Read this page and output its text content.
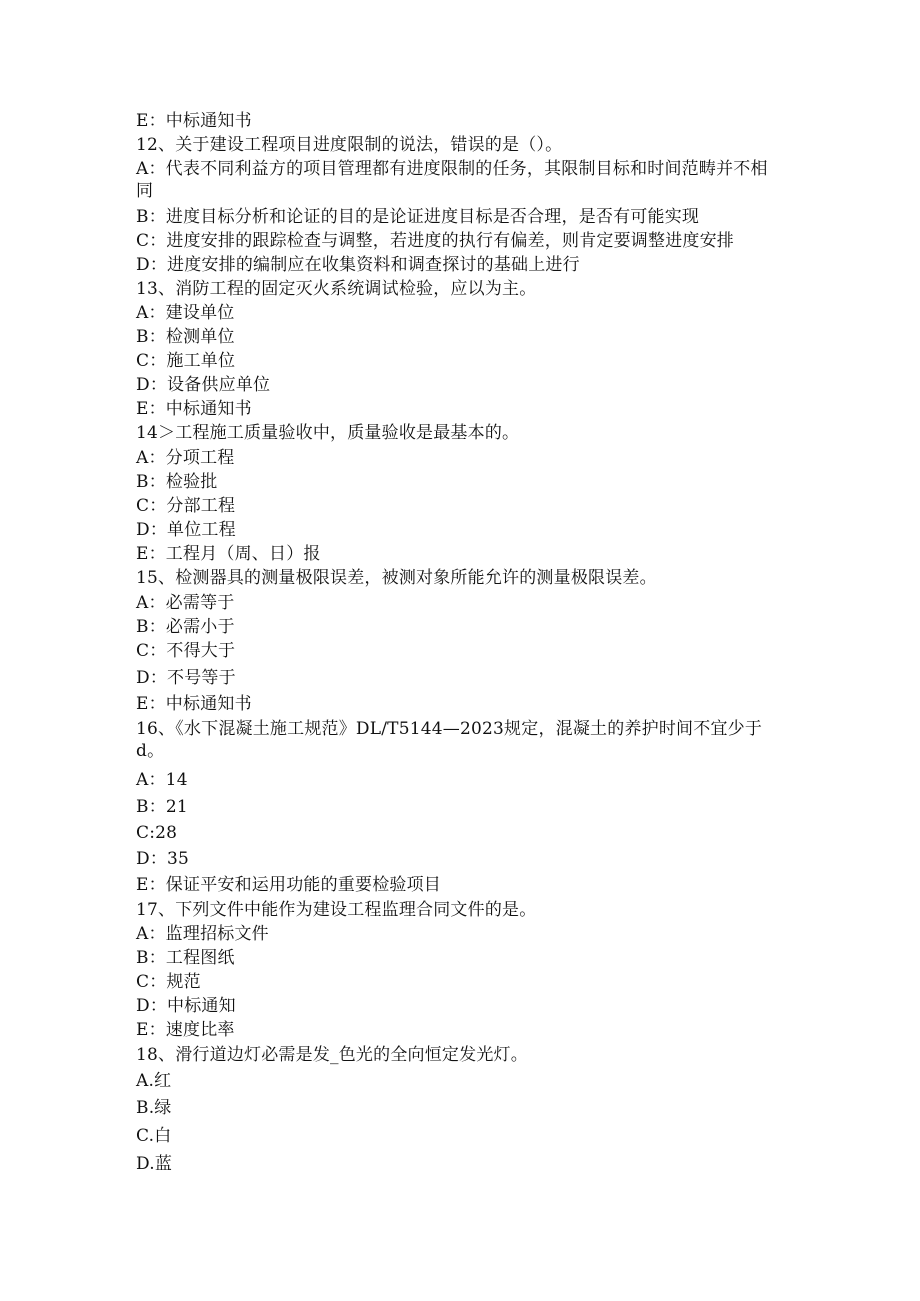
E：中标通知书
12、关于建设工程项目进度限制的说法，错误的是（）。
A：代表不同利益方的项目管理都有进度限制的任务，其限制目标和时间范畴并不相同
B：进度目标分析和论证的目的是论证进度目标是否合理，是否有可能实现
C：进度安排的跟踪检查与调整，若进度的执行有偏差，则肯定要调整进度安排
D：进度安排的编制应在收集资料和调查探讨的基础上进行
13、消防工程的固定灭火系统调试检验，应以为主。
A：建设单位
B：检测单位
C：施工单位
D：设备供应单位
E：中标通知书
14＞工程施工质量验收中，质量验收是最基本的。
A：分项工程
B：检验批
C：分部工程
D：单位工程
E：工程月（周、日）报
15、检测器具的测量极限误差，被测对象所能允许的测量极限误差。
A：必需等于
B：必需小于
C：不得大于
D：不号等于
E：中标通知书
16、《水下混凝土施工规范》DL/T5144—2023规定，混凝土的养护时间不宜少于d。
A：14
B：21
C:28
D：35
E：保证平安和运用功能的重要检验项目
17、下列文件中能作为建设工程监理合同文件的是。
A：监理招标文件
B：工程图纸
C：规范
D：中标通知
E：速度比率
18、滑行道边灯必需是发_色光的全向恒定发光灯。
A.红
B.绿
C.白
D.蓝
